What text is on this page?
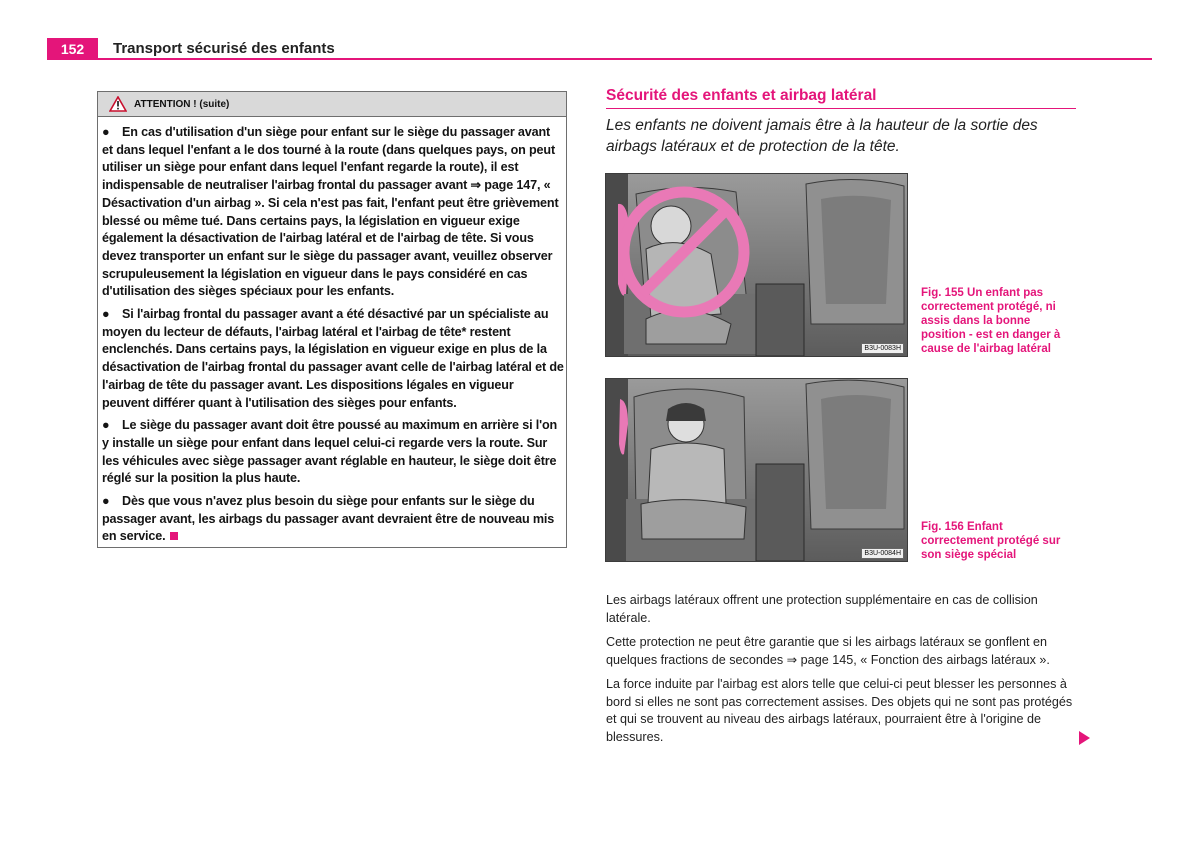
152	Transport sécurisé des enfants
ATTENTION ! (suite)

● En cas d'utilisation d'un siège pour enfant sur le siège du passager avant et dans lequel l'enfant a le dos tourné à la route (dans quelques pays, on peut utiliser un siège pour enfant dans lequel l'enfant regarde la route), il est indispensable de neutraliser l'airbag frontal du passager avant ⇒ page 147, « Désactivation d'un airbag ». Si cela n'est pas fait, l'enfant peut être grièvement blessé ou même tué. Dans certains pays, la législation en vigueur exige également la désactivation de l'airbag latéral et de l'airbag de tête. Si vous devez transporter un enfant sur le siège du passager avant, veuillez observer scrupuleusement la législation en vigueur dans le pays considéré en cas d'utilisation des sièges spéciaux pour les enfants.

● Si l'airbag frontal du passager avant a été désactivé par un spécialiste au moyen du lecteur de défauts, l'airbag latéral et l'airbag de tête* restent enclenchés. Dans certains pays, la législation en vigueur exige en plus de la désactivation de l'airbag frontal du passager avant celle de l'airbag latéral et de l'airbag de tête du passager avant. Les dispositions légales en vigueur peuvent différer quant à l'utilisation des sièges pour enfants.

● Le siège du passager avant doit être poussé au maximum en arrière si l'on y installe un siège pour enfant dans lequel celui-ci regarde vers la route. Sur les véhicules avec siège passager avant réglable en hauteur, le siège doit être réglé sur la position la plus haute.

● Dès que vous n'avez plus besoin du siège pour enfants sur le siège du passager avant, les airbags du passager avant devraient être de nouveau mis en service.

Sécurité des enfants et airbag latéral
Les enfants ne doivent jamais être à la hauteur de la sortie des airbags latéraux et de protection de la tête.
B3U-0083H
Fig. 155 Un enfant pas correctement protégé, ni assis dans la bonne position - est en danger à cause de l'airbag latéral
B3U-0084H
Fig. 156 Enfant correctement protégé sur son siège spécial

Les airbags latéraux offrent une protection supplémentaire en cas de collision latérale.

Cette protection ne peut être garantie que si les airbags latéraux se gonflent en quelques fractions de secondes ⇒ page 145, « Fonction des airbags latéraux ».

La force induite par l'airbag est alors telle que celui-ci peut blesser les personnes à bord si elles ne sont pas correctement assises. Des objets qui ne sont pas protégés et qui se trouvent au niveau des airbags latéraux, pourraient être à l'origine de blessures.
